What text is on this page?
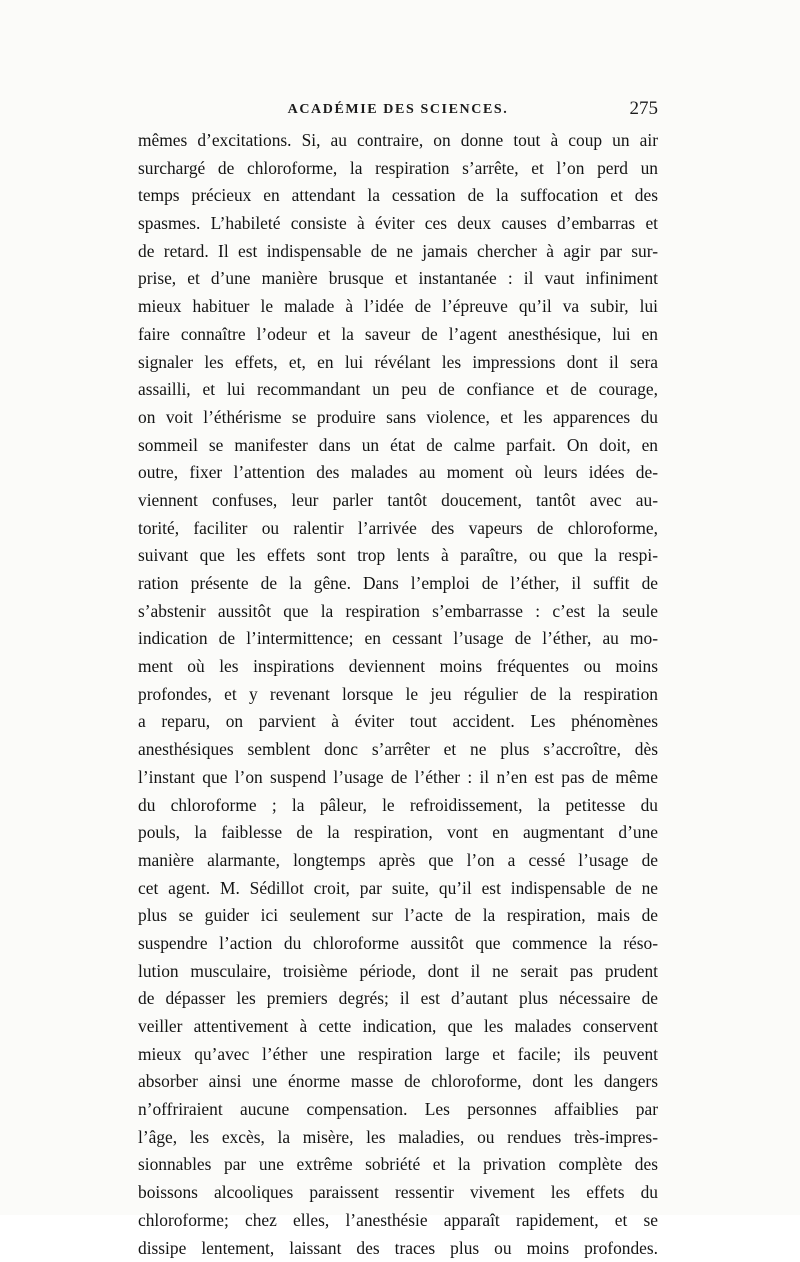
ACADÉMIE DES SCIENCES.	275
mêmes d’excitations. Si, au contraire, on donne tout à coup un air
surchargé de chloroforme, la respiration s’arrête, et l’on perd un
temps précieux en attendant la cessation de la suffocation et des
spasmes. L’habileté consiste à éviter ces deux causes d’embarras et
de retard. Il est indispensable de ne jamais chercher à agir par sur-
prise, et d’une manière brusque et instantanée : il vaut infiniment
mieux habituer le malade à l’idée de l’épreuve qu’il va subir, lui
faire connaître l’odeur et la saveur de l’agent anesthésique, lui en
signaler les effets, et, en lui révélant les impressions dont il sera
assailli, et lui recommandant un peu de confiance et de courage,
on voit l’éthérisme se produire sans violence, et les apparences du
sommeil se manifester dans un état de calme parfait. On doit, en
outre, fixer l’attention des malades au moment où leurs idées de-
viennent confuses, leur parler tantôt doucement, tantôt avec au-
torité, faciliter ou ralentir l’arrivée des vapeurs de chloroforme,
suivant que les effets sont trop lents à paraître, ou que la respi-
ration présente de la gêne. Dans l’emploi de l’éther, il suffit de
s’abstenir aussitôt que la respiration s’embarrasse : c’est la seule
indication de l’intermittence; en cessant l’usage de l’éther, au mo-
ment où les inspirations deviennent moins fréquentes ou moins
profondes, et y revenant lorsque le jeu régulier de la respiration
a reparu, on parvient à éviter tout accident. Les phénomènes
anesthésiques semblent donc s’arrêter et ne plus s’accroître, dès
l’instant que l’on suspend l’usage de l’éther : il n’en est pas de même
du chloroforme ; la pâleur, le refroidissement, la petitesse du
pouls, la faiblesse de la respiration, vont en augmentant d’une
manière alarmante, longtemps après que l’on a cessé l’usage de
cet agent. M. Sédillot croit, par suite, qu’il est indispensable de ne
plus se guider ici seulement sur l’acte de la respiration, mais de
suspendre l’action du chloroforme aussitôt que commence la réso-
lution musculaire, troisième période, dont il ne serait pas prudent
de dépasser les premiers degrés; il est d’autant plus nécessaire de
veiller attentivement à cette indication, que les malades conservent
mieux qu’avec l’éther une respiration large et facile; ils peuvent
absorber ainsi une énorme masse de chloroforme, dont les dangers
n’offriraient aucune compensation. Les personnes affaiblies par
l’âge, les excès, la misère, les maladies, ou rendues très-impres-
sionnables par une extrême sobriété et la privation complète des
boissons alcooliques paraissent ressentir vivement les effets du
chloroforme; chez elles, l’anesthésie apparaît rapidement, et se
dissipe lentement, laissant des traces plus ou moins profondes.
